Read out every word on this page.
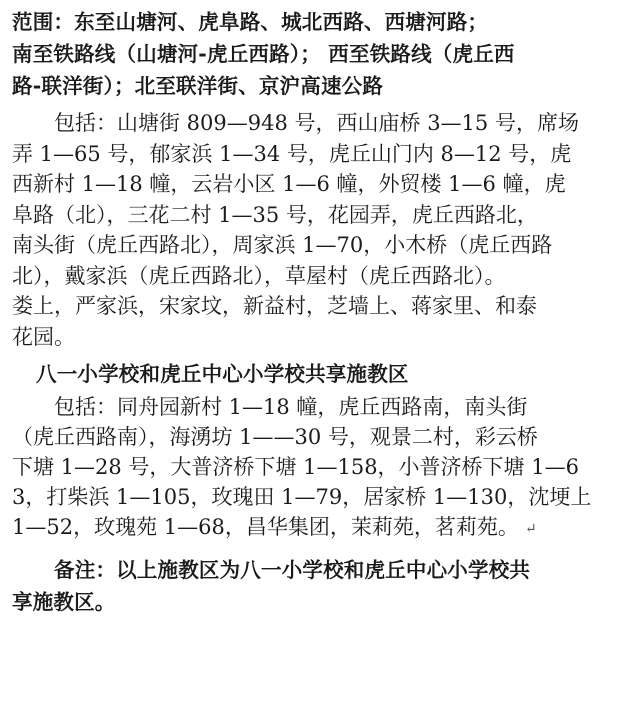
范围：东至山塘河、虎阜路、城北西路、西塘河路；
南至铁路线（山塘河-虎丘西路）； 西至铁路线（虎丘西
路-联洋街）；北至联洋街、京沪高速公路
包括：山塘街 809—948 号，西山庙桥 3—15 号，席场
弄 1—65 号，郁家浜 1—34 号，虎丘山门内 8—12 号，虎
西新村 1—18 幢，云岩小区 1—6 幢，外贸楼 1—6 幢，虎
阜路（北），三花二村 1—35 号，花园弄，虎丘西路北，
南头街（虎丘西路北），周家浜 1—70，小木桥（虎丘西路
北），戴家浜（虎丘西路北），草屋村（虎丘西路北）。
娄上，严家浜，宋家坟，新益村，芝墙上、蒋家里、和泰
花园。
八一小学校和虎丘中心小学校共享施教区
包括：同舟园新村 1—18 幢，虎丘西路南，南头街
（虎丘西路南），海湧坊 1——30 号，观景二村，彩云桥
下塘 1—28 号，大普济桥下塘 1—158，小普济桥下塘 1—6
3，打柴浜 1—105，玫瑰田 1—79，居家桥 1—130，沈埂上
1—52，玫瑰苑 1—68，昌华集团，茉莉苑，茗莉苑。 ↵
备注：以上施教区为八一小学校和虎丘中心小学校共
享施教区。
